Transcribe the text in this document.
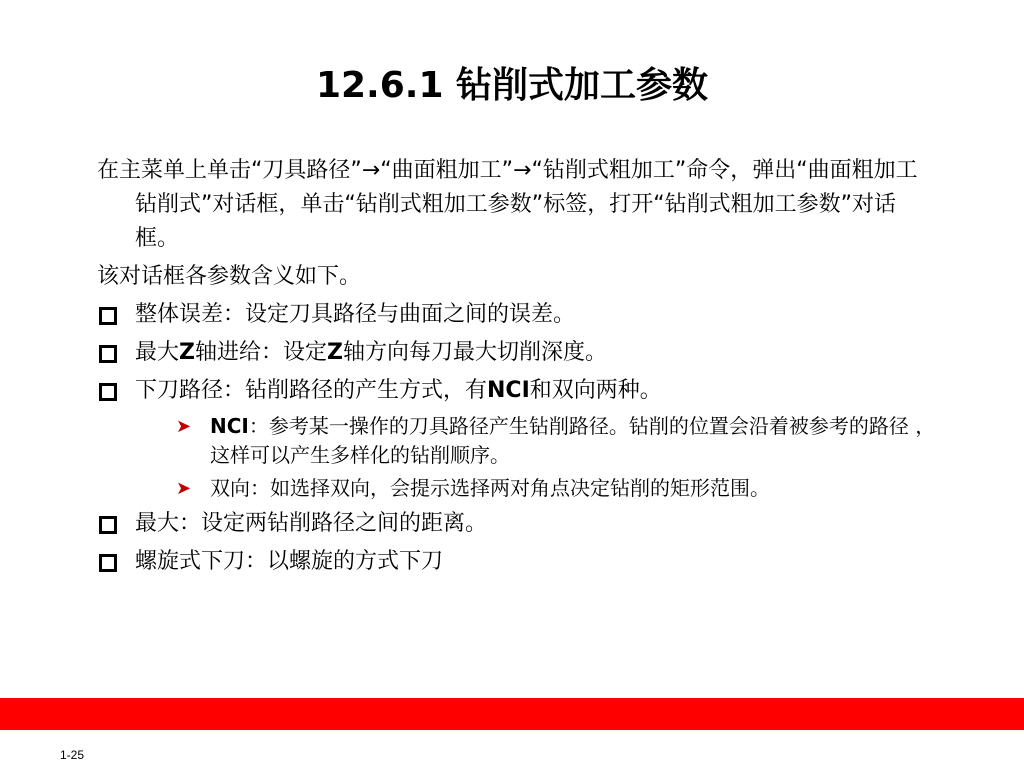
12.6.1 钻削式加工参数

在主菜单上单击“刀具路径”→“曲面粗加工”→“钻削式粗加工”命令，弹出“曲面粗加工钻削式”对话框，单击“钻削式粗加工参数”标签，打开“钻削式粗加工参数”对话框。

该对话框各参数含义如下。

整体误差：设定刀具路径与曲面之间的误差。
最大Z轴进给：设定Z轴方向每刀最大切削深度。
下刀路径：钻削路径的产生方式，有NCI和双向两种。
➤ NCI：参考某一操作的刀具路径产生钻削路径。钻削的位置会沿着被参考的路径 ，这样可以产生多样化的钻削顺序。
➤ 双向：如选择双向，会提示选择两对角点决定钻削的矩形范围。
最大：设定两钻削路径之间的距离。
螺旋式下刀：以螺旋的方式下刀
1-25
